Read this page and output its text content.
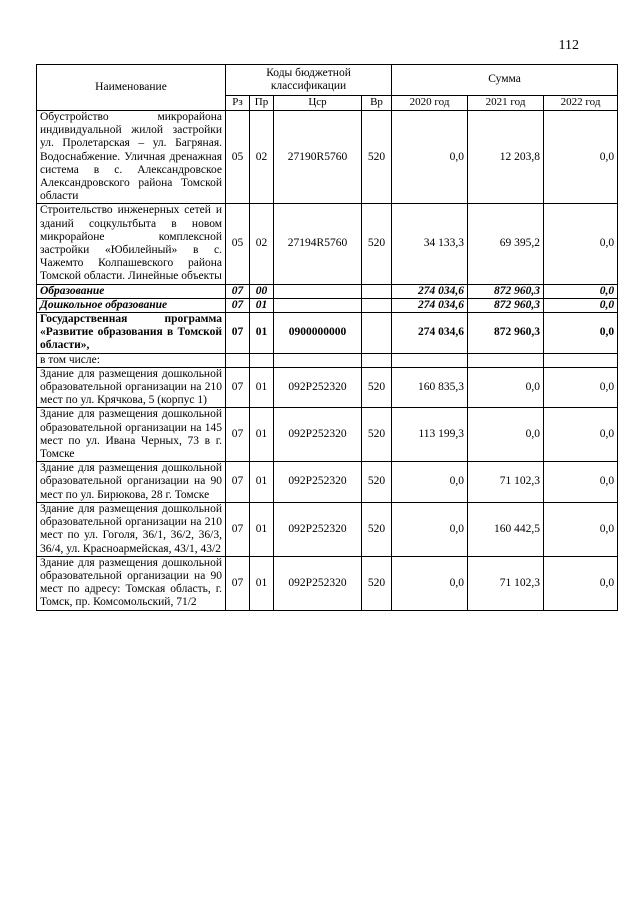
112
Наименование	Коды бюджетной классификации				Сумма		
	Рз	Пр	Цср	Вр	2020 год	2021 год	2022 год
Обустройство микрорайона индивидуальной жилой застройки ул. Пролетарская – ул. Багряная. Водоснабжение. Уличная дренажная система в с. Александровское Александровского района Томской области	05	02	27190R5760	520	0,0	12 203,8	0,0
Строительство инженерных сетей и зданий соцкультбыта в новом микрорайоне комплексной застройки «Юбилейный» в с. Чажемто Колпашевского района Томской области. Линейные объекты	05	02	27194R5760	520	34 133,3	69 395,2	0,0
Образование	07	00			274 034,6	872 960,3	0,0
Дошкольное образование	07	01			274 034,6	872 960,3	0,0
Государственная программа «Развитие образования в Томской области»,	07	01	0900000000		274 034,6	872 960,3	0,0
в том числе:							
Здание для размещения дошкольной образовательной организации на 210 мест по ул. Крячкова, 5 (корпус 1)	07	01	092P252320	520	160 835,3	0,0	0,0
Здание для размещения дошкольной образовательной организации на 145 мест по ул. Ивана Черных, 73 в г. Томске	07	01	092P252320	520	113 199,3	0,0	0,0
Здание для размещения дошкольной образовательной организации на 90 мест по ул. Бирюкова, 28 г. Томске	07	01	092P252320	520	0,0	71 102,3	0,0
Здание для размещения дошкольной образовательной организации на 210 мест по ул. Гоголя, 36/1, 36/2, 36/3, 36/4, ул. Красноармейская, 43/1, 43/2	07	01	092P252320	520	0,0	160 442,5	0,0
Здание для размещения дошкольной образовательной организации на 90 мест по адресу: Томская область, г. Томск, пр. Комсомольский, 71/2	07	01	092P252320	520	0,0	71 102,3	0,0
